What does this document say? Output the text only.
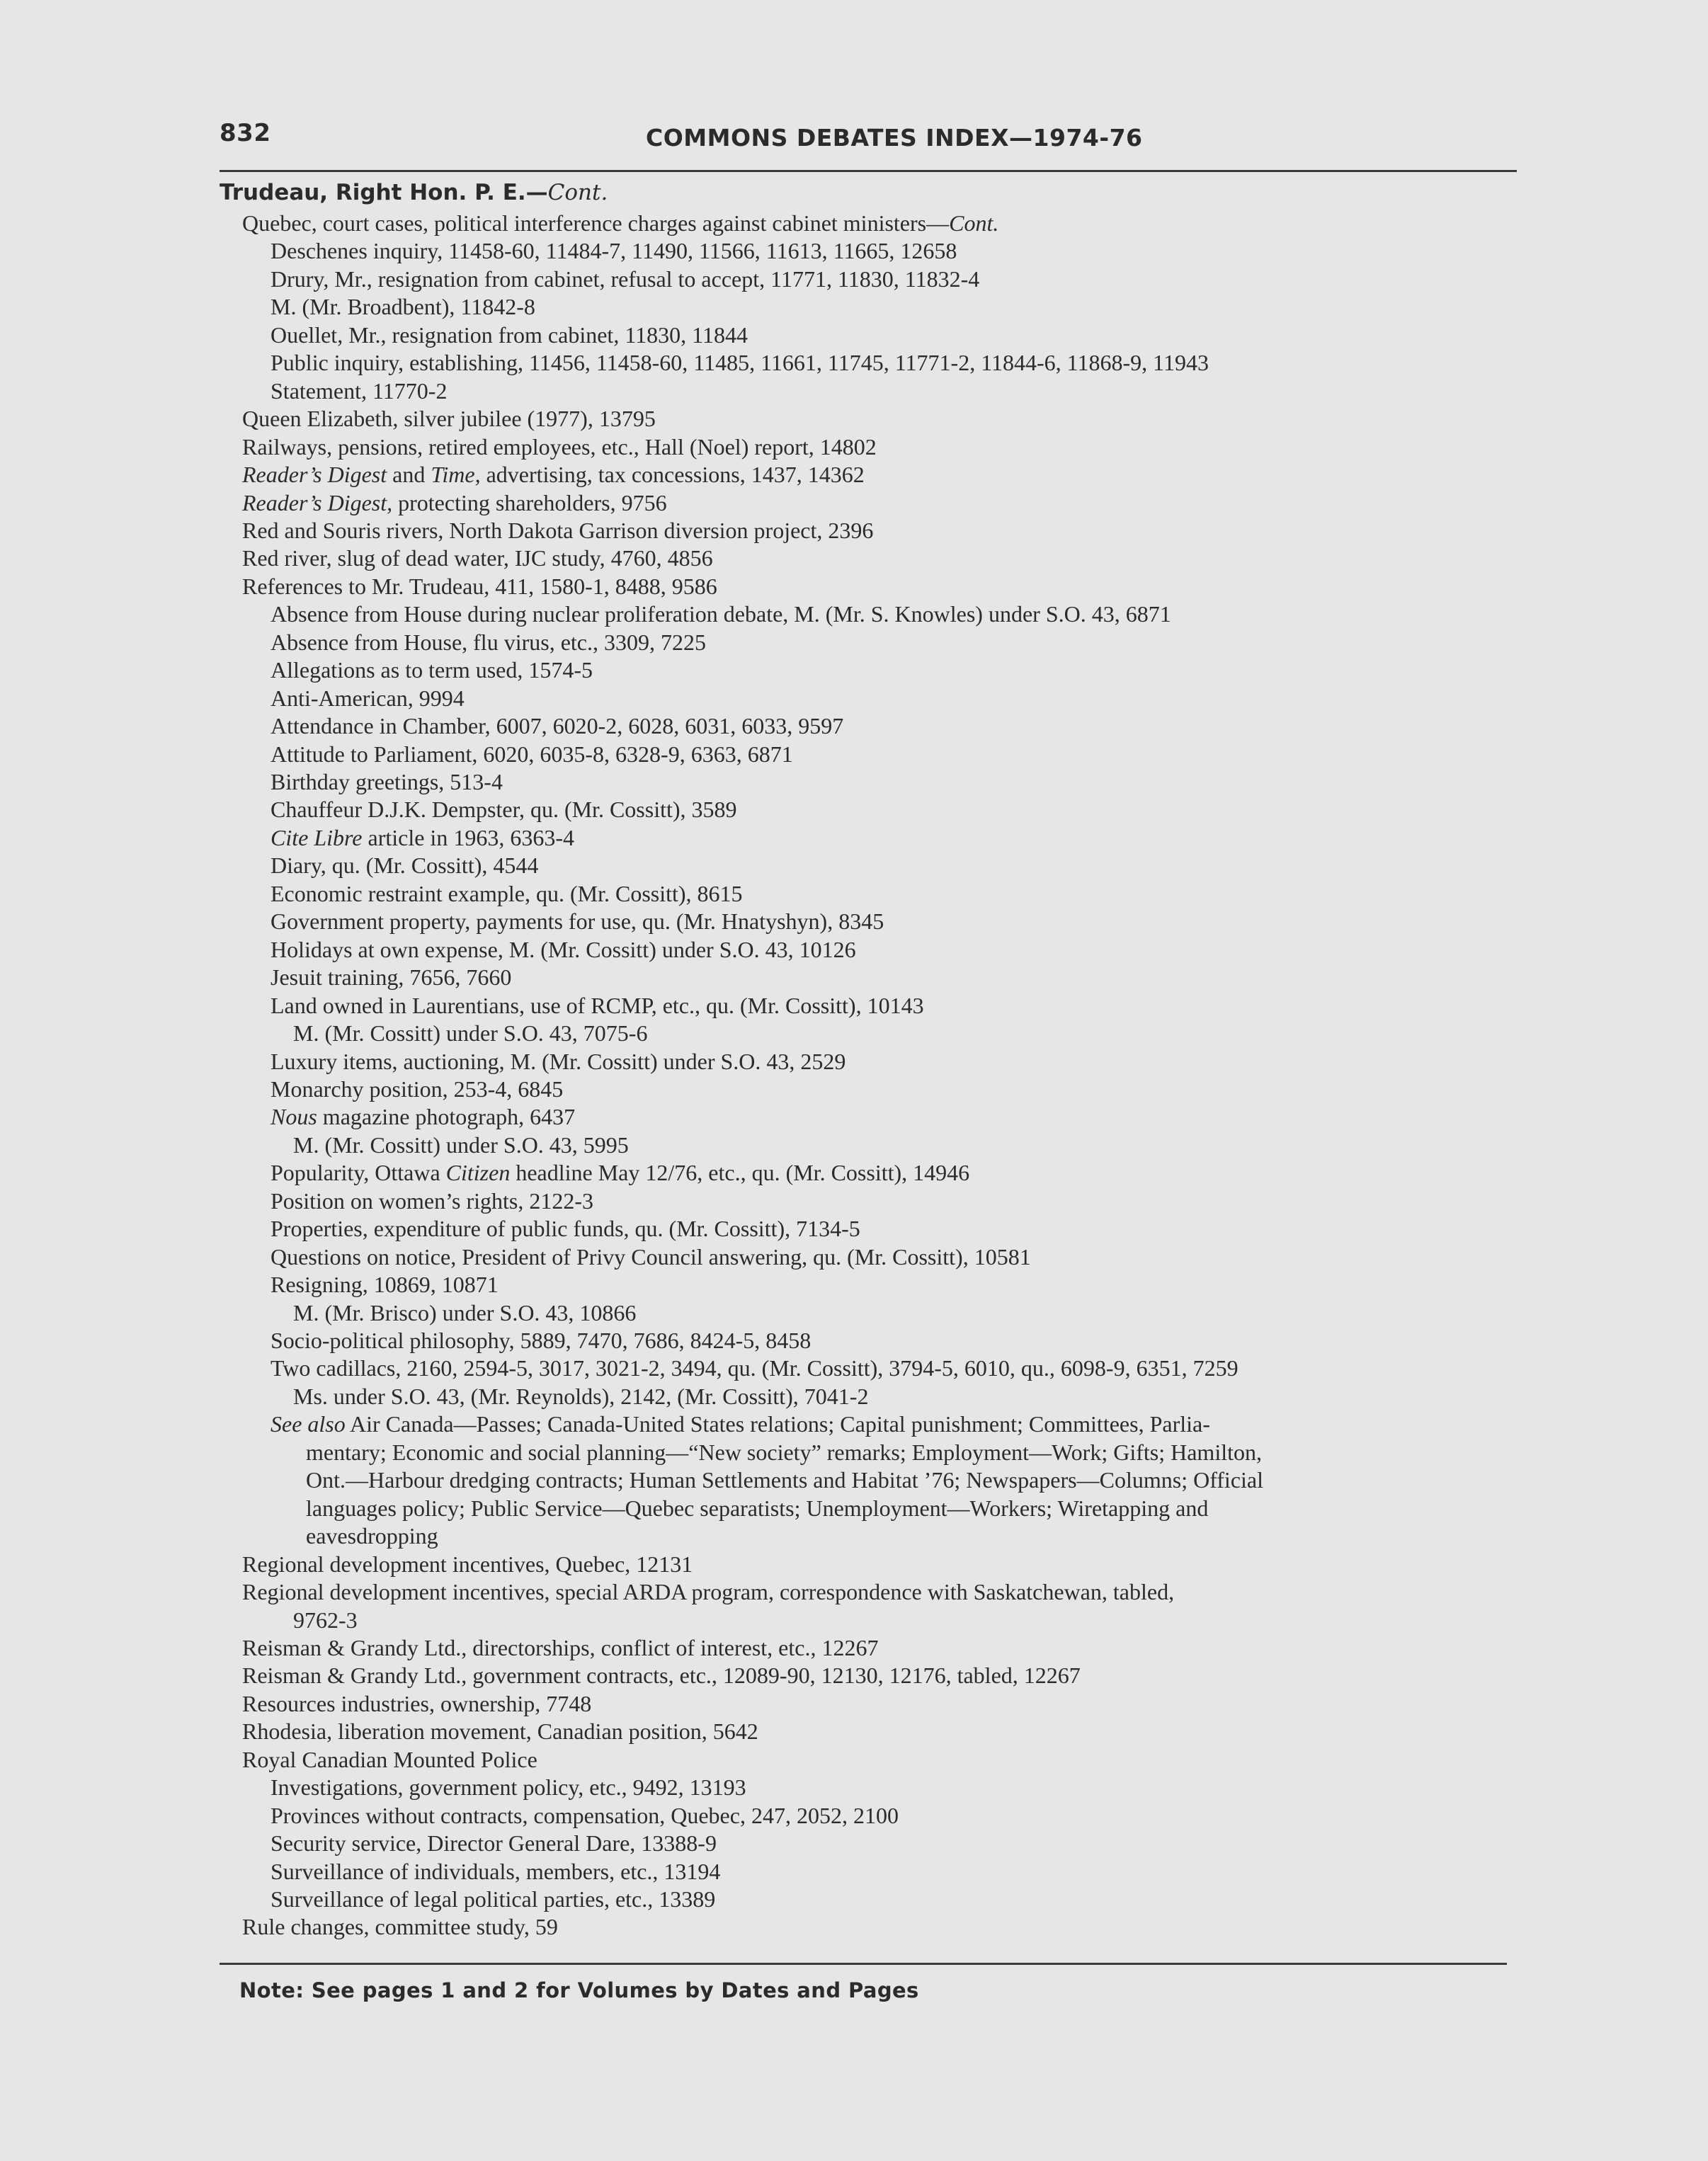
832	COMMONS DEBATES INDEX—1974-76
Trudeau, Right Hon. P. E.—Cont.
Quebec, court cases, political interference charges against cabinet ministers—Cont.
Deschenes inquiry, 11458-60, 11484-7, 11490, 11566, 11613, 11665, 12658
Drury, Mr., resignation from cabinet, refusal to accept, 11771, 11830, 11832-4
M. (Mr. Broadbent), 11842-8
Ouellet, Mr., resignation from cabinet, 11830, 11844
Public inquiry, establishing, 11456, 11458-60, 11485, 11661, 11745, 11771-2, 11844-6, 11868-9, 11943
Statement, 11770-2
Queen Elizabeth, silver jubilee (1977), 13795
Railways, pensions, retired employees, etc., Hall (Noel) report, 14802
Reader’s Digest and Time, advertising, tax concessions, 1437, 14362
Reader’s Digest, protecting shareholders, 9756
Red and Souris rivers, North Dakota Garrison diversion project, 2396
Red river, slug of dead water, IJC study, 4760, 4856
References to Mr. Trudeau, 411, 1580-1, 8488, 9586
Absence from House during nuclear proliferation debate, M. (Mr. S. Knowles) under S.O. 43, 6871
Absence from House, flu virus, etc., 3309, 7225
Allegations as to term used, 1574-5
Anti-American, 9994
Attendance in Chamber, 6007, 6020-2, 6028, 6031, 6033, 9597
Attitude to Parliament, 6020, 6035-8, 6328-9, 6363, 6871
Birthday greetings, 513-4
Chauffeur D.J.K. Dempster, qu. (Mr. Cossitt), 3589
Cite Libre article in 1963, 6363-4
Diary, qu. (Mr. Cossitt), 4544
Economic restraint example, qu. (Mr. Cossitt), 8615
Government property, payments for use, qu. (Mr. Hnatyshyn), 8345
Holidays at own expense, M. (Mr. Cossitt) under S.O. 43, 10126
Jesuit training, 7656, 7660
Land owned in Laurentians, use of RCMP, etc., qu. (Mr. Cossitt), 10143
M. (Mr. Cossitt) under S.O. 43, 7075-6
Luxury items, auctioning, M. (Mr. Cossitt) under S.O. 43, 2529
Monarchy position, 253-4, 6845
Nous magazine photograph, 6437
M. (Mr. Cossitt) under S.O. 43, 5995
Popularity, Ottawa Citizen headline May 12/76, etc., qu. (Mr. Cossitt), 14946
Position on women’s rights, 2122-3
Properties, expenditure of public funds, qu. (Mr. Cossitt), 7134-5
Questions on notice, President of Privy Council answering, qu. (Mr. Cossitt), 10581
Resigning, 10869, 10871
M. (Mr. Brisco) under S.O. 43, 10866
Socio-political philosophy, 5889, 7470, 7686, 8424-5, 8458
Two cadillacs, 2160, 2594-5, 3017, 3021-2, 3494, qu. (Mr. Cossitt), 3794-5, 6010, qu., 6098-9, 6351, 7259
Ms. under S.O. 43, (Mr. Reynolds), 2142, (Mr. Cossitt), 7041-2
See also Air Canada—Passes; Canada-United States relations; Capital punishment; Committees, Parlia-
mentary; Economic and social planning—“New society” remarks; Employment—Work; Gifts; Hamilton,
Ont.—Harbour dredging contracts; Human Settlements and Habitat ’76; Newspapers—Columns; Official
languages policy; Public Service—Quebec separatists; Unemployment—Workers; Wiretapping and
eavesdropping
Regional development incentives, Quebec, 12131
Regional development incentives, special ARDA program, correspondence with Saskatchewan, tabled,
9762-3
Reisman & Grandy Ltd., directorships, conflict of interest, etc., 12267
Reisman & Grandy Ltd., government contracts, etc., 12089-90, 12130, 12176, tabled, 12267
Resources industries, ownership, 7748
Rhodesia, liberation movement, Canadian position, 5642
Royal Canadian Mounted Police
Investigations, government policy, etc., 9492, 13193
Provinces without contracts, compensation, Quebec, 247, 2052, 2100
Security service, Director General Dare, 13388-9
Surveillance of individuals, members, etc., 13194
Surveillance of legal political parties, etc., 13389
Rule changes, committee study, 59
Note: See pages 1 and 2 for Volumes by Dates and Pages
